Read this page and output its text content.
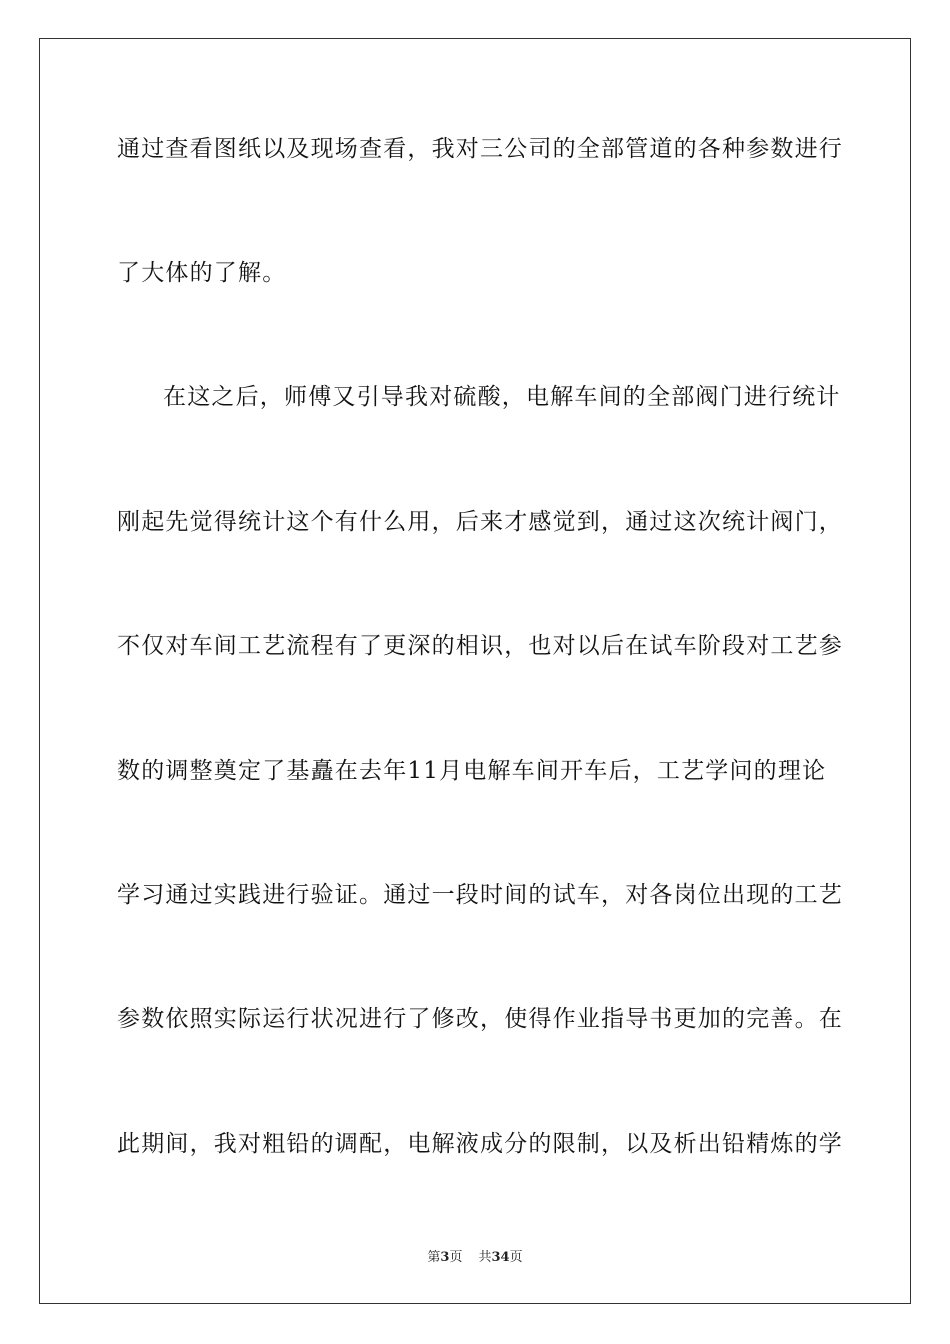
通过查看图纸以及现场查看，我对三公司的全部管道的各种参数进行
了大体的了解。
在这之后，师傅又引导我对硫酸，电解车间的全部阀门进行统计
刚起先觉得统计这个有什么用，后来才感觉到，通过这次统计阀门，
不仅对车间工艺流程有了更深的相识，也对以后在试车阶段对工艺参
数的调整奠定了基矗在去年11月电解车间开车后，工艺学问的理论
学习通过实践进行验证。通过一段时间的试车，对各岗位出现的工艺
参数依照实际运行状况进行了修改，使得作业指导书更加的完善。在
此期间，我对粗铅的调配，电解液成分的限制，以及析出铅精炼的学
第3页 共34页
